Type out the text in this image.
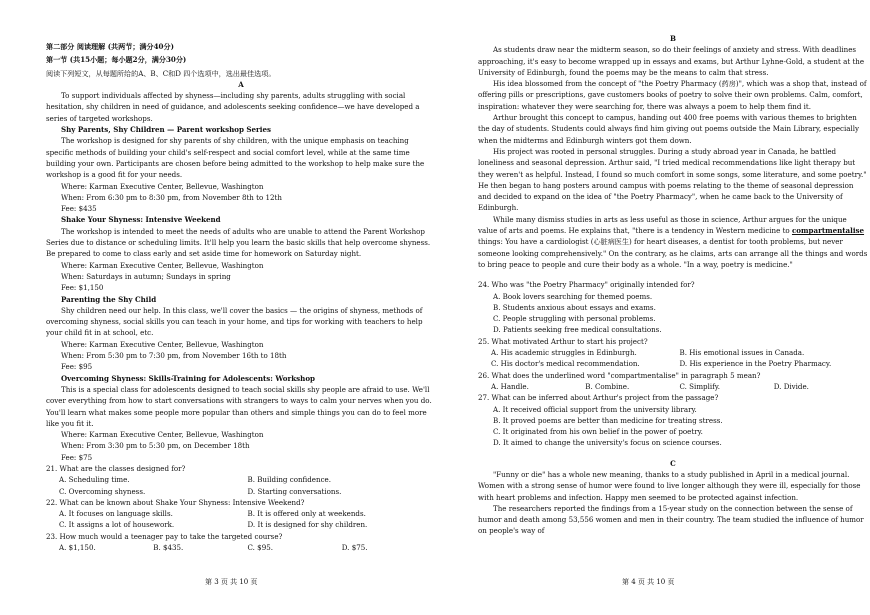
第二部分 阅读理解 (共两节；满分40分)

第一节 (共15小题；每小题2分，满分30分)

阅读下列短文，从每题所给的A、B、C和D 四个选项中，选出最佳选项。

A

To support individuals affected by shyness—including shy parents, adults struggling with social hesitation, shy children in need of guidance, and adolescents seeking confidence—we have developed a series of targeted workshops.

Shy Parents, Shy Children — Parent workshop Series

The workshop is designed for shy parents of shy children, with the unique emphasis on teaching specific methods of building your child's self-respect and social comfort level, while at the same time building your own. Participants are chosen before being admitted to the workshop to help make sure the workshop is a good fit for your needs.

Where: Karman Executive Center, Bellevue, Washington

When: From 6:30 pm to 8:30 pm, from November 8th to 12th

Fee: $435

Shake Your Shyness: Intensive Weekend

The workshop is intended to meet the needs of adults who are unable to attend the Parent Workshop Series due to distance or scheduling limits. It'll help you learn the basic skills that help overcome shyness. Be prepared to come to class early and set aside time for homework on Saturday night.

Where: Karman Executive Center, Bellevue, Washington

When: Saturdays in autumn; Sundays in spring

Fee: $1,150

Parenting the Shy Child

Shy children need our help. In this class, we'll cover the basics — the origins of shyness, methods of overcoming shyness, social skills you can teach in your home, and tips for working with teachers to help your child fit in at school, etc.

Where: Karman Executive Center, Bellevue, Washington

When: From 5:30 pm to 7:30 pm, from November 16th to 18th

Fee: $95

Overcoming Shyness: Skills-Training for Adolescents: Workshop

This is a special class for adolescents designed to teach social skills shy people are afraid to use. We'll cover everything from how to start conversations with strangers to ways to calm your nerves when you do. You'll learn what makes some people more popular than others and simple things you can do to feel more like you fit it.

Where: Karman Executive Center, Bellevue, Washington

When: From 3:30 pm to 5:30 pm, on December 18th

Fee: $75

21. What are the classes designed for?

A. Scheduling time.	B. Building confidence.
C. Overcoming shyness.	D. Starting conversations.

22. What can be known about Shake Your Shyness: Intensive Weekend?

A. It focuses on language skills.	B. It is offered only at weekends.
C. It assigns a lot of housework.	D. It is designed for shy children.

23. How much would a teenager pay to take the targeted course?

A. $1,150.	B. $435.	C. $95.	D. $75.

B

As students draw near the midterm season, so do their feelings of anxiety and stress. With deadlines approaching, it's easy to become wrapped up in essays and exams, but Arthur Lyhne-Gold, a student at the University of Edinburgh, found the poems may be the means to calm that stress.

His idea blossomed from the concept of "the Poetry Pharmacy (药房)", which was a shop that, instead of offering pills or prescriptions, gave customers books of poetry to solve their own problems. Calm, comfort, inspiration: whatever they were searching for, there was always a poem to help them find it.

Arthur brought this concept to campus, handing out 400 free poems with various themes to brighten the day of students. Students could always find him giving out poems outside the Main Library, especially when the midterms and Edinburgh winters got them down.

His project was rooted in personal struggles. During a study abroad year in Canada, he battled loneliness and seasonal depression. Arthur said, "I tried medical recommendations like light therapy but they weren't as helpful. Instead, I found so much comfort in some songs, some literature, and some poetry." He then began to hang posters around campus with poems relating to the theme of seasonal depression and decided to expand on the idea of "the Poetry Pharmacy", when he came back to the University of Edinburgh.

While many dismiss studies in arts as less useful as those in science, Arthur argues for the unique value of arts and poems. He explains that, "there is a tendency in Western medicine to compartmentalise things: You have a cardiologist (心脏病医生) for heart diseases, a dentist for tooth problems, but never someone looking comprehensively." On the contrary, as he claims, arts can arrange all the things and words to bring peace to people and cure their body as a whole. "In a way, poetry is medicine."

24. Who was "the Poetry Pharmacy" originally intended for?

A. Book lovers searching for themed poems.

B. Students anxious about essays and exams.

C. People struggling with personal problems.

D. Patients seeking free medical consultations.

25. What motivated Arthur to start his project?

A. His academic struggles in Edinburgh.	B. His emotional issues in Canada.
C. His doctor's medical recommendation.	D. His experience in the Poetry Pharmacy.

26. What does the underlined word "compartmentalise" in paragraph 5 mean?

A. Handle.	B. Combine.	C. Simplify.	D. Divide.

27. What can be inferred about Arthur's project from the passage?

A. It received official support from the university library.

B. It proved poems are better than medicine for treating stress.

C. It originated from his own belief in the power of poetry.

D. It aimed to change the university's focus on science courses.

C

"Funny or die" has a whole new meaning, thanks to a study published in April in a medical journal. Women with a strong sense of humor were found to live longer although they were ill, especially for those with heart problems and infection. Happy men seemed to be protected against infection.

The researchers reported the findings from a 15-year study on the connection between the sense of humor and death among 53,556 women and men in their country. The team studied the influence of humor on people's way of

第 3 页 共 10 页	第 4 页 共 10 页
